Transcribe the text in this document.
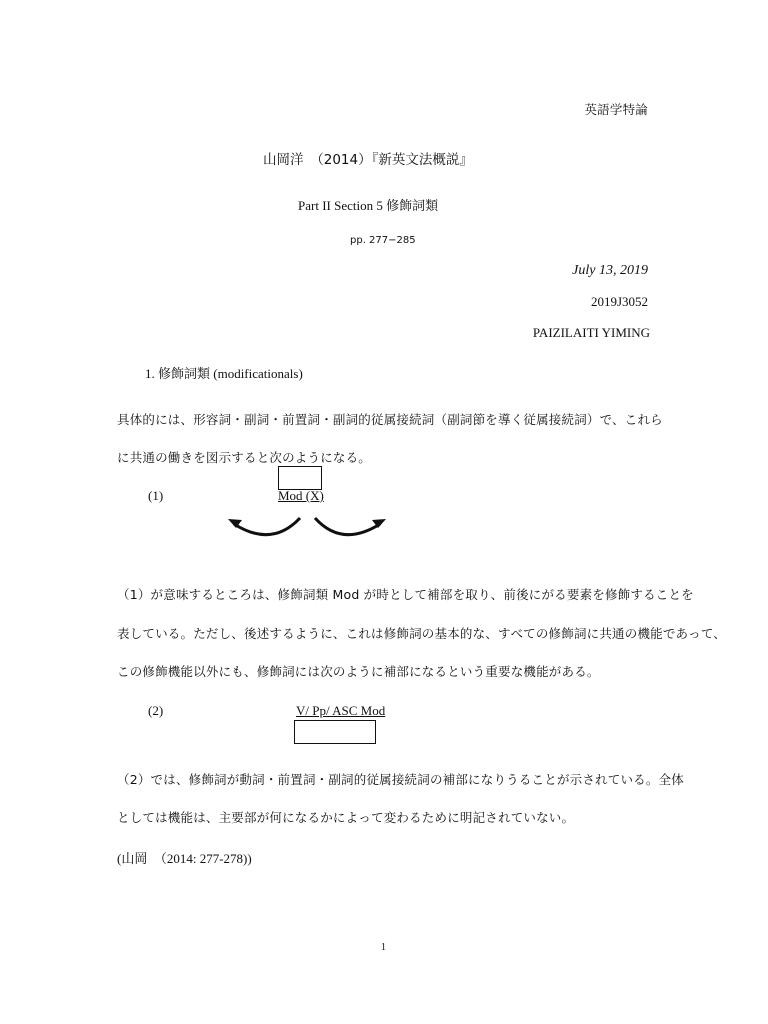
英語学特論
山岡洋　（2014）『新英文法概説』
Part II Section 5 修飾詞類
pp. 277−285
July 13, 2019
2019J3052
PAIZILAITI YIMING
1. 修飾詞類 (modificationals)
具体的には、形容詞・副詞・前置詞・副詞的従属接続詞（副詞節を導く従属接続詞）で、これら
に共通の働きを図示すると次のようになる。
(1)	Mod (X)
（1）が意味するところは、修飾詞類 Mod が時として補部を取り、前後にがる要素を修飾することを
表している。ただし、後述するように、これは修飾詞の基本的な、すべての修飾詞に共通の機能であって、
この修飾機能以外にも、修飾詞には次のように補部になるという重要な機能がある。
(2)	V/ Pp/ ASC Mod
（2）では、修飾詞が動詞・前置詞・副詞的従属接続詞の補部になりうることが示されている。全体
としては機能は、主要部が何になるかによって変わるために明記されていない。
(山岡　（2014: 277-278))
1
